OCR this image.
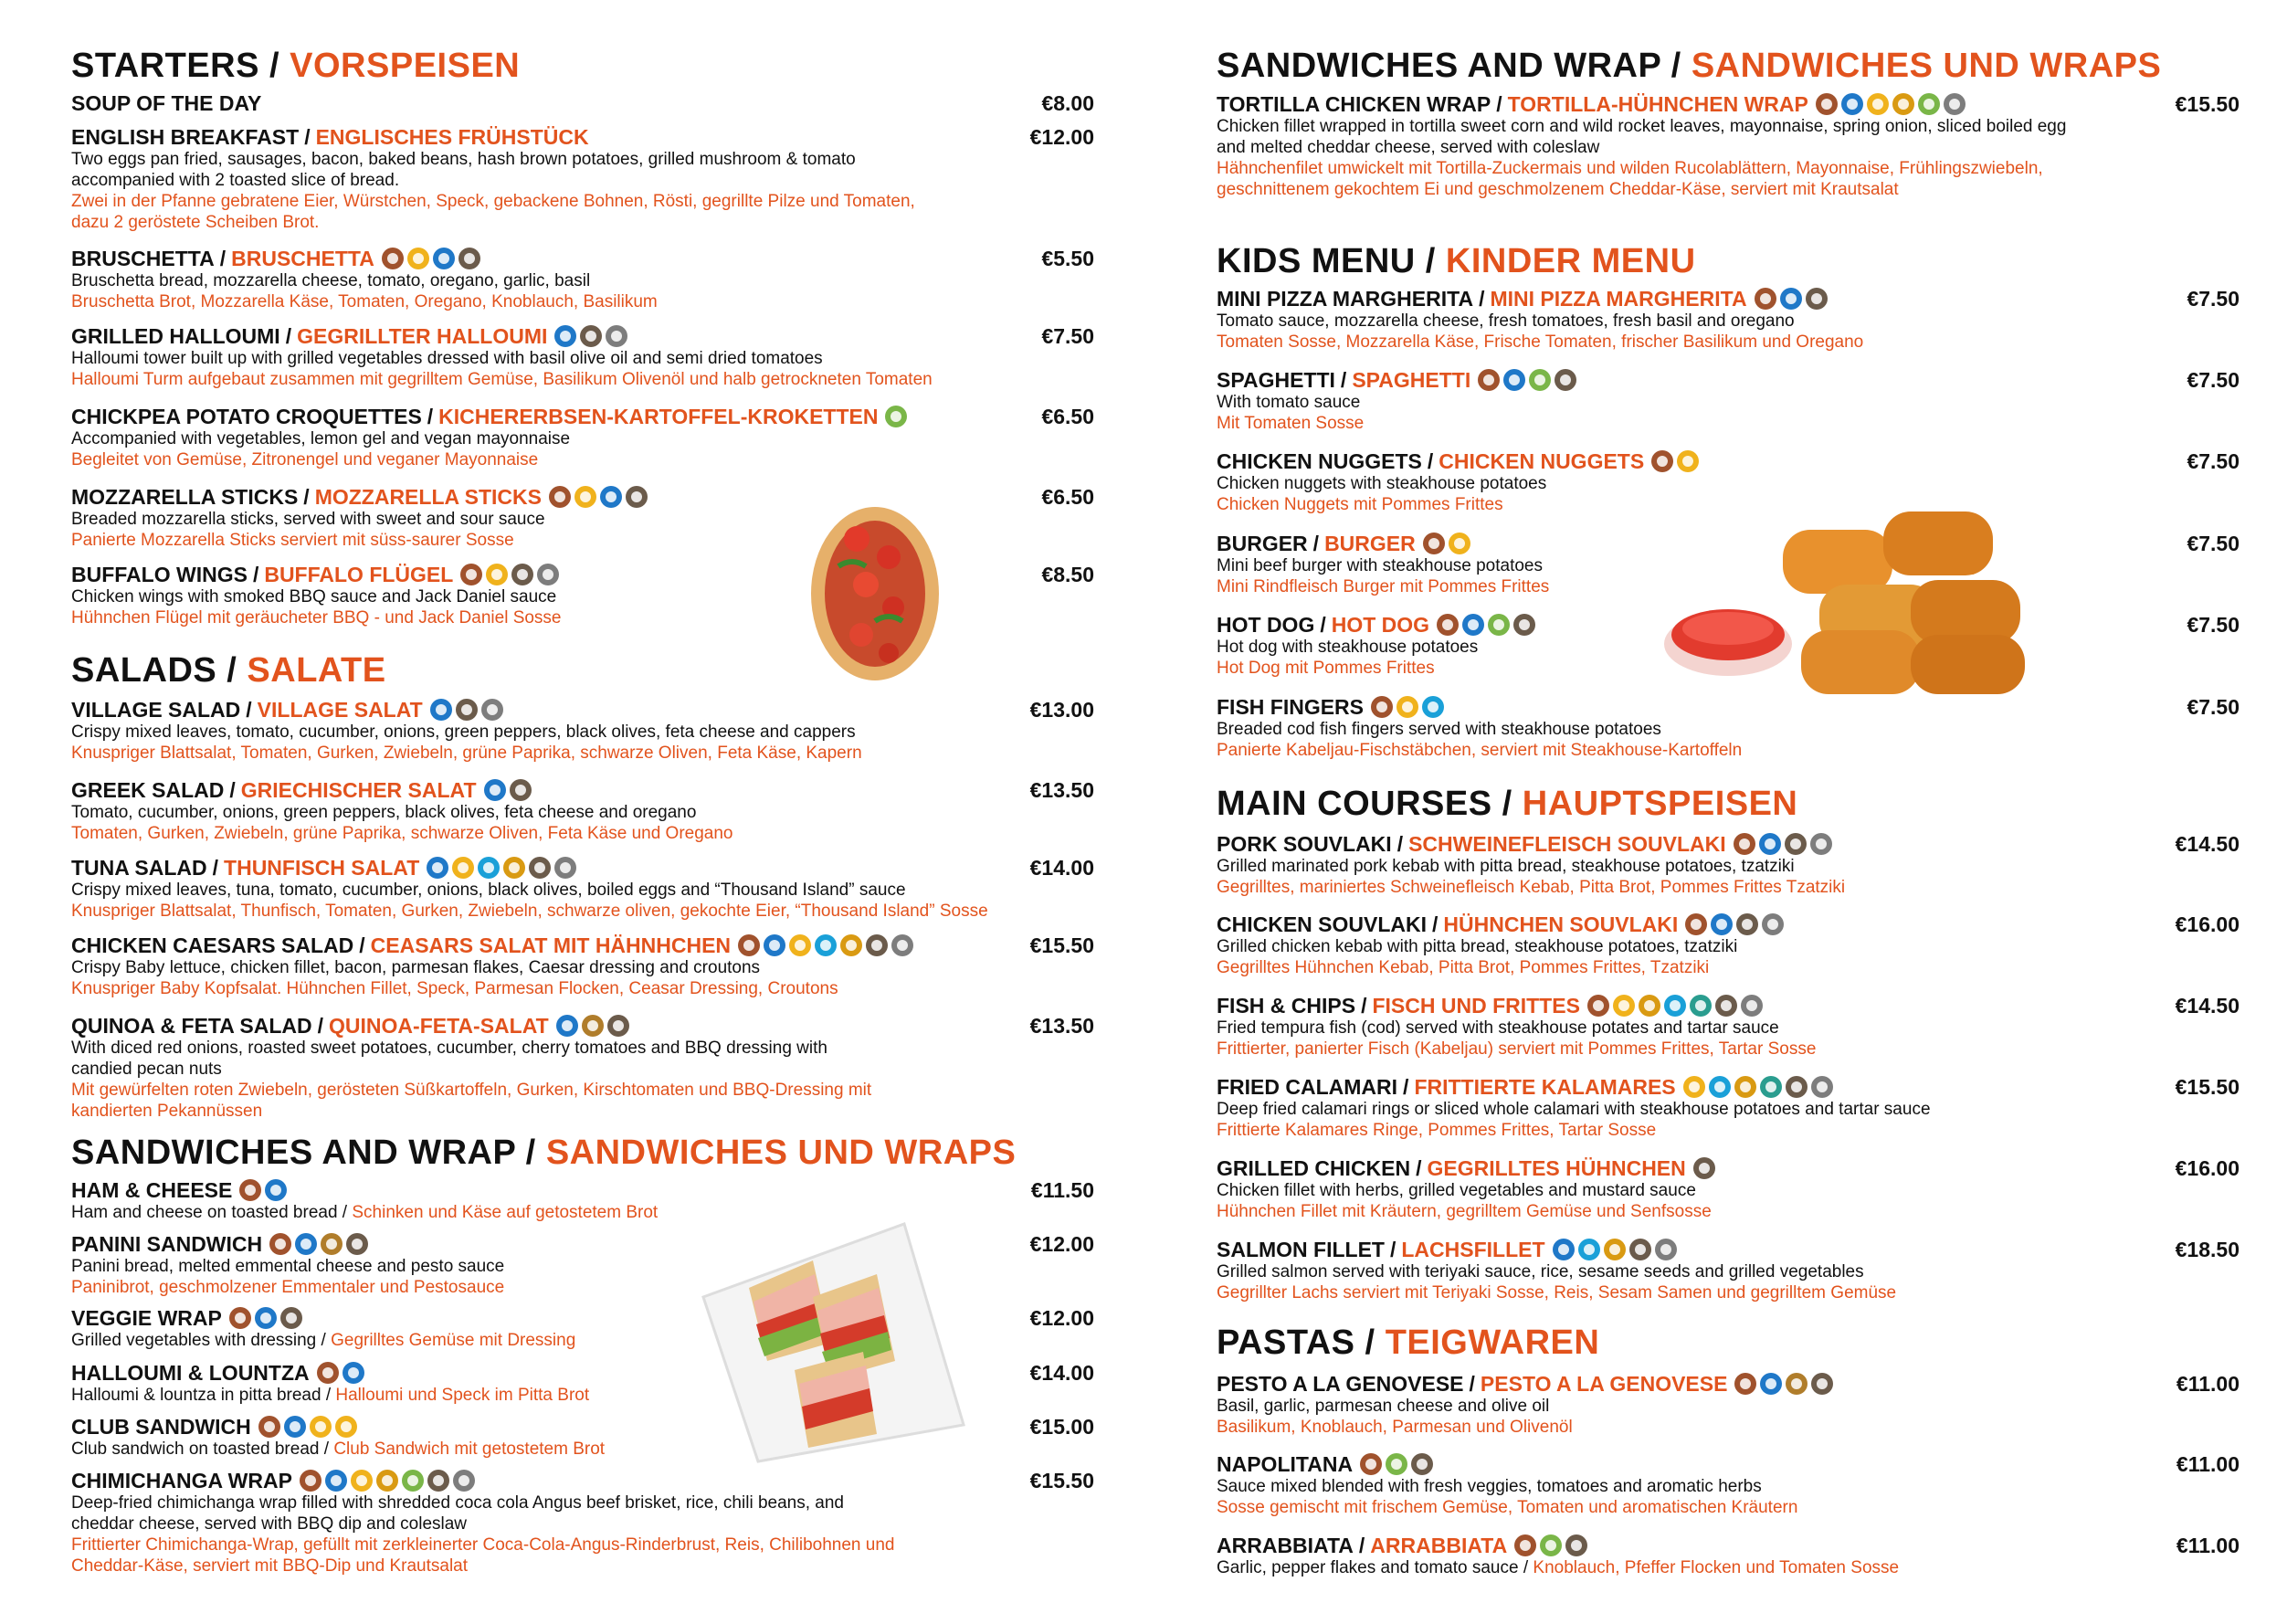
STARTERS / VORSPEISEN
SOUP OF THE DAY	€8.00
ENGLISH BREAKFAST / ENGLISCHES FRÜHSTÜCK	€12.00
Two eggs pan fried, sausages, bacon, baked beans, hash brown potatoes, grilled mushroom & tomato accompanied with 2 toasted slice of bread.
Zwei in der Pfanne gebratene Eier, Würstchen, Speck, gebackene Bohnen, Rösti, gegrillte Pilze und Tomaten, dazu 2 geröstete Scheiben Brot.
BRUSCHETTA / BRUSCHETTA	€5.50
Bruschetta bread, mozzarella cheese, tomato, oregano, garlic, basil
Bruschetta Brot, Mozzarella Käse, Tomaten, Oregano, Knoblauch, Basilikum
GRILLED HALLOUMI / GEGRILLTER HALLOUMI	€7.50
Halloumi tower built up with grilled vegetables dressed with basil olive oil and semi dried tomatoes
Halloumi Turm aufgebaut zusammen mit gegrilltem Gemüse, Basilikum Olivenöl und halb getrockneten Tomaten
CHICKPEA POTATO CROQUETTES / KICHERERBSEN-KARTOFFEL-KROKETTEN	€6.50
Accompanied with vegetables, lemon gel and vegan mayonnaise
Begleitet von Gemüse, Zitronengel und veganer Mayonnaise
MOZZARELLA STICKS / MOZZARELLA STICKS	€6.50
Breaded mozzarella sticks, served with sweet and sour sauce
Panierte Mozzarella Sticks serviert mit süss-saurer Sosse
BUFFALO WINGS / BUFFALO FLÜGEL	€8.50
Chicken wings with smoked BBQ sauce and Jack Daniel sauce
Hühnchen Flügel mit geräucheter BBQ - und Jack Daniel Sosse
SALADS / SALATE
VILLAGE SALAD / VILLAGE SALAT	€13.00
Crispy mixed leaves, tomato, cucumber, onions, green peppers, black olives, feta cheese and cappers
Knuspriger Blattsalat, Tomaten, Gurken, Zwiebeln, grüne Paprika, schwarze Oliven, Feta Käse, Kapern
GREEK SALAD / GRIECHISCHER SALAT	€13.50
Tomato, cucumber, onions, green peppers, black olives, feta cheese and oregano
Tomaten, Gurken, Zwiebeln, grüne Paprika, schwarze Oliven, Feta Käse und Oregano
TUNA SALAD / THUNFISCH SALAT	€14.00
Crispy mixed leaves, tuna, tomato, cucumber, onions, black olives, boiled eggs and “Thousand Island” sauce
Knuspriger Blattsalat, Thunfisch, Tomaten, Gurken, Zwiebeln, schwarze oliven, gekochte Eier, “Thousand Island” Sosse
CHICKEN CAESARS SALAD / CEASARS SALAT MIT HÄHNHCHEN	€15.50
Crispy Baby lettuce, chicken fillet, bacon, parmesan flakes, Caesar dressing and croutons
Knuspriger Baby Kopfsalat. Hühnchen Fillet, Speck, Parmesan Flocken, Ceasar Dressing, Croutons
QUINOA & FETA SALAD / QUINOA-FETA-SALAT	€13.50
With diced red onions, roasted sweet potatoes, cucumber, cherry tomatoes and BBQ dressing with candied pecan nuts
Mit gewürfelten roten Zwiebeln, gerösteten Süßkartoffeln, Gurken, Kirschtomaten und BBQ-Dressing mit kandierten Pekannüssen
SANDWICHES AND WRAP / SANDWICHES UND WRAPS
HAM & CHEESE	€11.50
Ham and cheese on toasted bread / Schinken und Käse auf getostetem Brot
PANINI SANDWICH	€12.00
Panini bread, melted emmental cheese and pesto sauce
Paninibrot, geschmolzener Emmentaler und Pestosauce
VEGGIE WRAP	€12.00
Grilled vegetables with dressing / Gegrilltes Gemüse mit Dressing
HALLOUMI & LOUNTZA	€14.00
Halloumi & lountza in pitta bread / Halloumi und Speck im Pitta Brot
CLUB SANDWICH	€15.00
Club sandwich on toasted bread / Club Sandwich mit getostetem Brot
CHIMICHANGA WRAP	€15.50
Deep-fried chimichanga wrap filled with shredded coca cola Angus beef brisket, rice, chili beans, and cheddar cheese, served with BBQ dip and coleslaw
Frittierter Chimichanga-Wrap, gefüllt mit zerkleinerter Coca-Cola-Angus-Rinderbrust, Reis, Chilibohnen und Cheddar-Käse, serviert mit BBQ-Dip und Krautsalat
SANDWICHES AND WRAP / SANDWICHES UND WRAPS
TORTILLA CHICKEN WRAP / TORTILLA-HÜHNCHEN WRAP	€15.50
Chicken fillet wrapped in tortilla sweet corn and wild rocket leaves, mayonnaise, spring onion, sliced boiled egg and melted cheddar cheese, served with coleslaw
Hähnchenfilet umwickelt mit Tortilla-Zuckermais und wilden Rucolablättern, Mayonnaise, Frühlingszwiebeln, geschnittenem gekochtem Ei und geschmolzenem Cheddar-Käse, serviert mit Krautsalat
KIDS MENU / KINDER MENU
MINI PIZZA MARGHERITA / MINI PIZZA MARGHERITA	€7.50
Tomato sauce, mozzarella cheese, fresh tomatoes, fresh basil and oregano
Tomaten Sosse, Mozzarella Käse, Frische Tomaten, frischer Basilikum und Oregano
SPAGHETTI / SPAGHETTI	€7.50
With tomato sauce
Mit Tomaten Sosse
CHICKEN NUGGETS / CHICKEN NUGGETS	€7.50
Chicken nuggets with steakhouse potatoes
Chicken Nuggets mit Pommes Frittes
BURGER / BURGER	€7.50
Mini beef burger with steakhouse potatoes
Mini Rindfleisch Burger mit Pommes Frittes
HOT DOG / HOT DOG	€7.50
Hot dog with steakhouse potatoes
Hot Dog mit Pommes Frittes
FISH FINGERS	€7.50
Breaded cod fish fingers served with steakhouse potatoes
Panierte Kabeljau-Fischstäbchen, serviert mit Steakhouse-Kartoffeln
MAIN COURSES / HAUPTSPEISEN
PORK SOUVLAKI / SCHWEINEFLEISCH SOUVLAKI	€14.50
Grilled marinated pork kebab with pitta bread, steakhouse potatoes, tzatziki
Gegrilltes, mariniertes Schweinefleisch Kebab, Pitta Brot, Pommes Frittes Tzatziki
CHICKEN SOUVLAKI / HÜHNCHEN SOUVLAKI	€16.00
Grilled chicken kebab with pitta bread, steakhouse potatoes, tzatziki
Gegrilltes Hühnchen Kebab, Pitta Brot, Pommes Frittes, Tzatziki
FISH & CHIPS / FISCH UND FRITTES	€14.50
Fried tempura fish (cod) served with steakhouse potates and tartar sauce
Frittierter, panierter Fisch (Kabeljau) serviert mit Pommes Frittes, Tartar Sosse
FRIED CALAMARI / FRITTIERTE KALAMARES	€15.50
Deep fried calamari rings or sliced whole calamari with steakhouse potatoes and tartar sauce
Frittierte Kalamares Ringe, Pommes Frittes, Tartar Sosse
GRILLED CHICKEN / GEGRILLTES HÜHNCHEN	€16.00
Chicken fillet with herbs, grilled vegetables and mustard sauce
Hühnchen Fillet mit Kräutern, gegrilltem Gemüse und Senfsosse
SALMON FILLET / LACHSFILLET	€18.50
Grilled salmon served with teriyaki sauce, rice, sesame seeds and grilled vegetables
Gegrillter Lachs serviert mit Teriyaki Sosse, Reis, Sesam Samen und gegrilltem Gemüse
PASTAS / TEIGWAREN
PESTO A LA GENOVESE / PESTO A LA GENOVESE	€11.00
Basil, garlic, parmesan cheese and olive oil
Basilikum, Knoblauch, Parmesan und Olivenöl
NAPOLITANA	€11.00
Sauce mixed blended with fresh veggies, tomatoes and aromatic herbs
Sosse gemischt mit frischem Gemüse, Tomaten und aromatischen Kräutern
ARRABBIATA / ARRABBIATA	€11.00
Garlic, pepper flakes and tomato sauce / Knoblauch, Pfeffer Flocken und Tomaten Sosse
